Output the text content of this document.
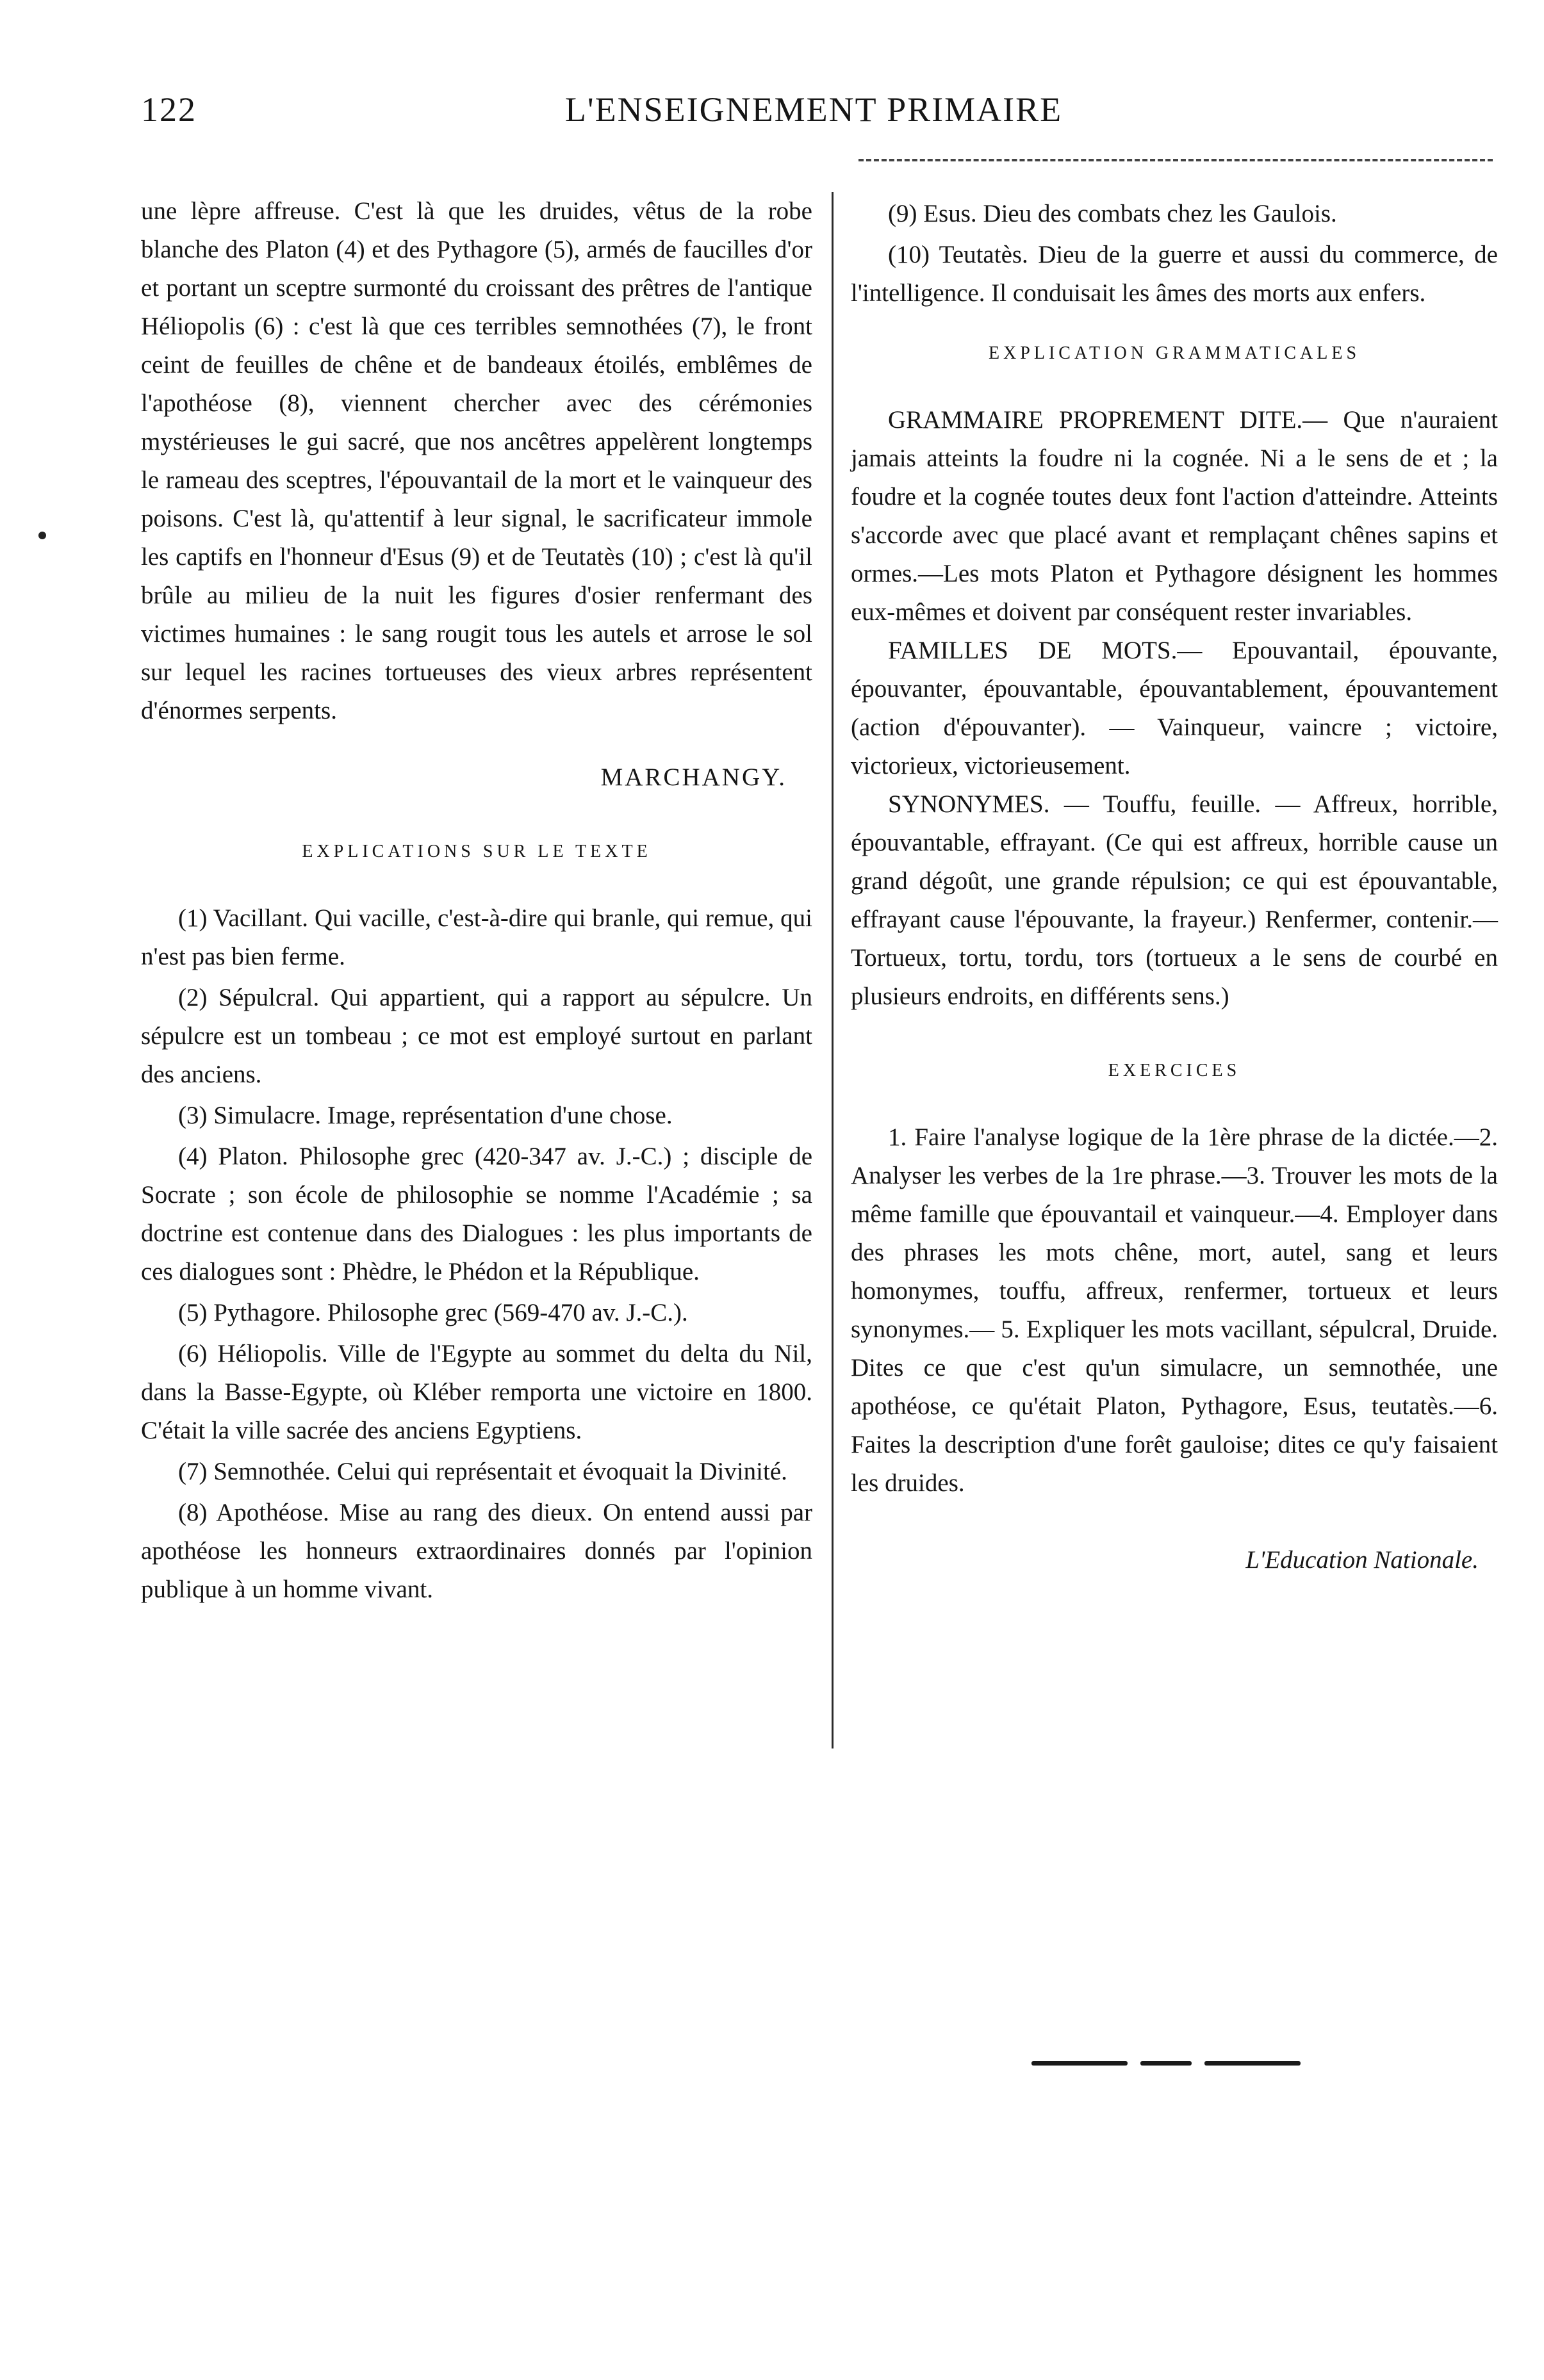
122	L'ENSEIGNEMENT PRIMAIRE

une lèpre affreuse. C'est là que les druides, vêtus de la robe blanche des Platon (4) et des Pythagore (5), armés de faucilles d'or et portant un sceptre surmonté du croissant des prêtres de l'antique Héliopolis (6) : c'est là que ces terribles semnothées (7), le front ceint de feuilles de chêne et de bandeaux étoilés, emblêmes de l'apothéose (8), viennent chercher avec des cérémonies mystérieuses le gui sacré, que nos ancêtres appelèrent longtemps le rameau des sceptres, l'épouvantail de la mort et le vainqueur des poisons. C'est là, qu'attentif à leur signal, le sacrificateur immole les captifs en l'honneur d'Esus (9) et de Teutatès (10) ; c'est là qu'il brûle au milieu de la nuit les figures d'osier renfermant des victimes humaines : le sang rougit tous les autels et arrose le sol sur lequel les racines tortueuses des vieux arbres représentent d'énormes serpents.

MARCHANGY.

EXPLICATIONS SUR LE TEXTE

(1) Vacillant. Qui vacille, c'est-à-dire qui branle, qui remue, qui n'est pas bien ferme.

(2) Sépulcral. Qui appartient, qui a rapport au sépulcre. Un sépulcre est un tombeau ; ce mot est employé surtout en parlant des anciens.

(3) Simulacre. Image, représentation d'une chose.

(4) Platon. Philosophe grec (420-347 av. J.-C.) ; disciple de Socrate ; son école de philosophie se nomme l'Académie ; sa doctrine est contenue dans des Dialogues : les plus importants de ces dialogues sont : Phèdre, le Phédon et la République.

(5) Pythagore. Philosophe grec (569-470 av. J.-C.).

(6) Héliopolis. Ville de l'Egypte au sommet du delta du Nil, dans la Basse-Egypte, où Kléber remporta une victoire en 1800. C'était la ville sacrée des anciens Egyptiens.

(7) Semnothée. Celui qui représentait et évoquait la Divinité.

(8) Apothéose. Mise au rang des dieux. On entend aussi par apothéose les honneurs extraordinaires donnés par l'opinion publique à un homme vivant.

(9) Esus. Dieu des combats chez les Gaulois.

(10) Teutatès. Dieu de la guerre et aussi du commerce, de l'intelligence. Il conduisait les âmes des morts aux enfers.

EXPLICATION GRAMMATICALES

GRAMMAIRE PROPREMENT DITE.— Que n'auraient jamais atteints la foudre ni la cognée. Ni a le sens de et ; la foudre et la cognée toutes deux font l'action d'atteindre. Atteints s'accorde avec que placé avant et remplaçant chênes sapins et ormes.—Les mots Platon et Pythagore désignent les hommes eux-mêmes et doivent par conséquent rester invariables.

FAMILLES DE MOTS.— Epouvantail, épouvante, épouvanter, épouvantable, épouvantablement, épouvantement (action d'épouvanter). — Vainqueur, vaincre ; victoire, victorieux, victorieusement.

SYNONYMES. — Touffu, feuille. — Affreux, horrible, épouvantable, effrayant. (Ce qui est affreux, horrible cause un grand dégoût, une grande répulsion; ce qui est épouvantable, effrayant cause l'épouvante, la frayeur.) Renfermer, contenir.—Tortueux, tortu, tordu, tors (tortueux a le sens de courbé en plusieurs endroits, en différents sens.)

EXERCICES

1. Faire l'analyse logique de la 1ère phrase de la dictée.—2. Analyser les verbes de la 1re phrase.—3. Trouver les mots de la même famille que épouvantail et vainqueur.—4. Employer dans des phrases les mots chêne, mort, autel, sang et leurs homonymes, touffu, affreux, renfermer, tortueux et leurs synonymes.— 5. Expliquer les mots vacillant, sépulcral, Druide. Dites ce que c'est qu'un simulacre, un semnothée, une apothéose, ce qu'était Platon, Pythagore, Esus, teutatès.—6. Faites la description d'une forêt gauloise; dites ce qu'y faisaient les druides.

L'Education Nationale.
